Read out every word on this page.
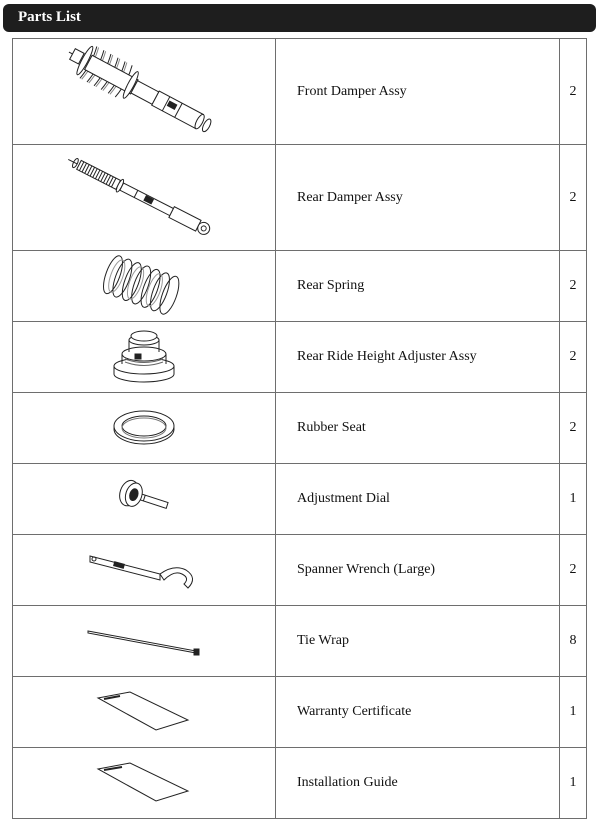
Parts List
	Front Damper Assy	2

	Rear Damper Assy	2

	Rear Spring	2

	Rear Ride Height Adjuster Assy	2

	Rubber Seat	2

	Adjustment Dial	1

	Spanner Wrench (Large)	2

	Tie Wrap	8

	Warranty Certificate	1

	Installation Guide	1
